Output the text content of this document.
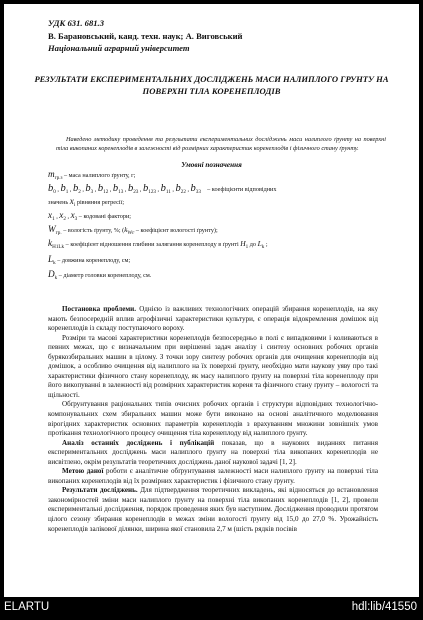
УДК 631. 681.3
В. Барановський, канд. техн. наук; А. Виговський
Національний аграрний університет
РЕЗУЛЬТАТИ ЕКСПЕРИМЕНТАЛЬНИХ ДОСЛІДЖЕНЬ МАСИ НАЛИПЛОГО ГРУНТУ НА ПОВЕРХНІ ТІЛА КОРЕНЕПЛОДІВ
Наведено методику проведення та результати експериментальних досліджень маси налиплого ґрунту на поверхні тіла викопаних коренеплодів в залежності від розмірних характеристик коренеплодів і фізичного стану ґрунту.
Умовні позначення
$m_{гр.з}$ – маса налиплого ґрунту, г;
$b_0$ , $b_1$ , $b_2$ , $b_3$ , $b_{12}$ , $b_{13}$ , $b_{23}$ , $b_{123}$ , $b_{11}$ , $b_{22}$ , $b_{33}$ – коефіцієнти відповідних
значень $x_i$ рівняння регресії;
$x_1$ , $x_2$ , $x_3$ – кодовані фактори;
$W_{гр.}$ – вологість ґрунту, %; ($k_{Wг}$ – коефіцієнт вологості ґрунту);
$k_{H1Lk}$ – коефіцієнт відношення глибини залягання коренеплоду в ґрунті $H_1$ до $L_k$ ;
$L_k$ – довжина коренеплоду, см;
$D_k$ – діаметр головки коренеплоду, см.

Постановка проблеми. Однією із важливих технологічних операцій збирання коренеплодів, на яку мають безпосередній вплив агрофізичні характеристики культури, є операція відокремлення домішок від коренеплодів із складу поступаючого вороху.

Розміри та масові характеристики коренеплодів безпосередньо в полі є випадковими і коливаються в певних межах, що є визначальним при вирішенні задач аналізу і синтезу основних робочих органів бурякозбиральних машин в цілому. З точки зору синтезу робочих органів для очищення коренеплодів від домішок, а особливо очищення від налиплого на їх поверхні ґрунту, необхідно мати наукову уяву про такі характеристики фізичного стану коренеплоду, як масу налиплого ґрунту на поверхні тіла коренеплоду при його викопуванні в залежності від розмірних характеристик кореня та фізичного стану ґрунту – вологості та щільності.

Обґрунтування раціональних типів очисних робочих органів і структури відповідних технологічно-компонувальних схем збиральних машин може бути виконано на основі аналітичного моделювання вірогідних характеристик основних параметрів коренеплодів з врахуванням множини зовнішніх умов протікання технологічного процесу очищення тіла коренеплоду від налиплого ґрунту.

Аналіз останніх досліджень і публікацій показав, що в наукових виданнях питання експериментальних досліджень маси налиплого ґрунту на поверхні тіла викопаних коренеплодів не висвітлено, окрім результатів теоретичних досліджень даної наукової задачі [1, 2].

Метою даної роботи є аналітичне обґрунтування залежності маси налиплого ґрунту на поверхні тіла викопаних коренеплодів від їх розмірних характеристик і фізичного стану ґрунту.

Результати досліджень. Для підтвердження теоретичних викладень, які відносяться до встановлення закономірностей зміни маси налиплого ґрунту на поверхні тіла викопаних коренеплодів [1, 2], провели експериментальні дослідження, порядок проведення яких був наступним. Дослідження проводили протягом цілого сезону збирання коренеплодів в межах зміни вологості ґрунту від 15,0 до 27,0 %. Урожайність коренеплодів залікової ділянки, ширина якої становила 2,7 м (шість рядків посівів

ELARTU	hdl:lib/41550
